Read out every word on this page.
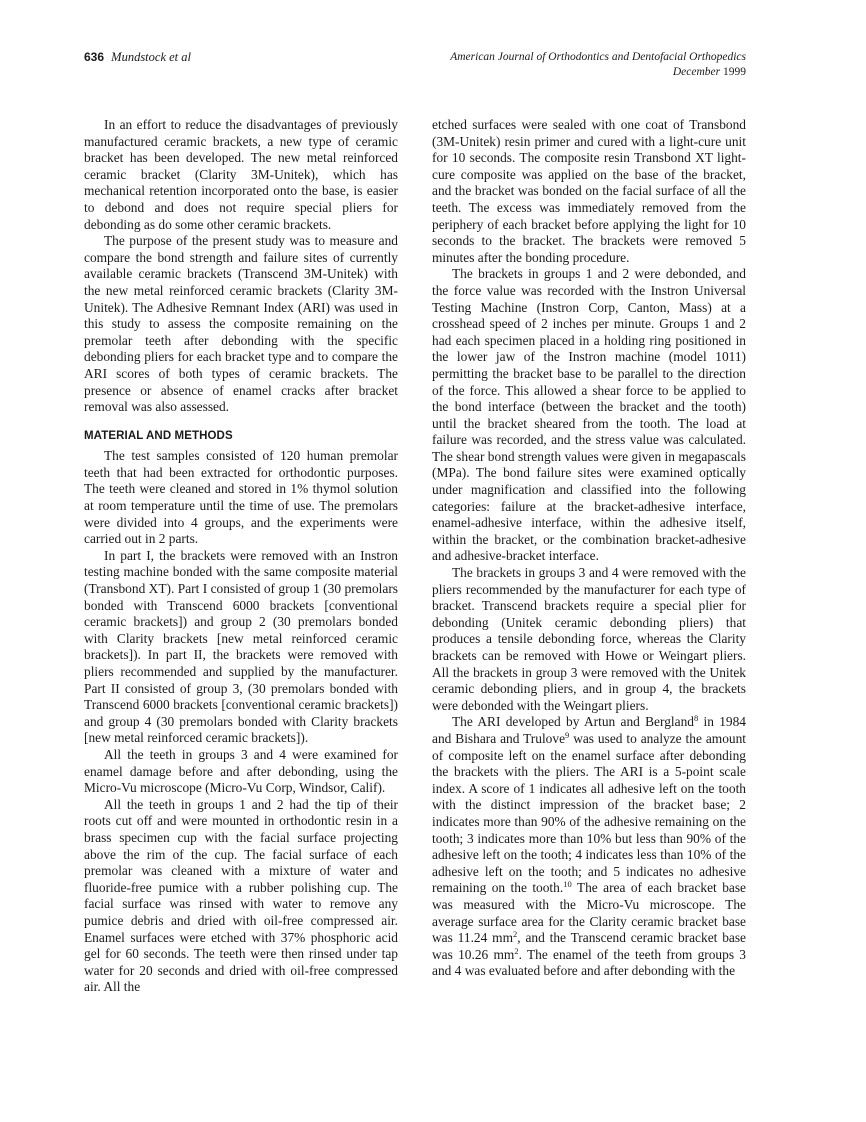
636 Mundstock et al	American Journal of Orthodontics and Dentofacial Orthopedics
December 1999

In an effort to reduce the disadvantages of previously manufactured ceramic brackets, a new type of ceramic bracket has been developed. The new metal reinforced ceramic bracket (Clarity 3M-Unitek), which has mechanical retention incorporated onto the base, is easier to debond and does not require special pliers for debonding as do some other ceramic brackets.

The purpose of the present study was to measure and compare the bond strength and failure sites of currently available ceramic brackets (Transcend 3M-Unitek) with the new metal reinforced ceramic brackets (Clarity 3M-Unitek). The Adhesive Remnant Index (ARI) was used in this study to assess the composite remaining on the premolar teeth after debonding with the specific debonding pliers for each bracket type and to compare the ARI scores of both types of ceramic brackets. The presence or absence of enamel cracks after bracket removal was also assessed.

MATERIAL AND METHODS

The test samples consisted of 120 human premolar teeth that had been extracted for orthodontic purposes. The teeth were cleaned and stored in 1% thymol solution at room temperature until the time of use. The premolars were divided into 4 groups, and the experiments were carried out in 2 parts.

In part I, the brackets were removed with an Instron testing machine bonded with the same composite material (Transbond XT). Part I consisted of group 1 (30 premolars bonded with Transcend 6000 brackets [conventional ceramic brackets]) and group 2 (30 premolars bonded with Clarity brackets [new metal reinforced ceramic brackets]). In part II, the brackets were removed with pliers recommended and supplied by the manufacturer. Part II consisted of group 3, (30 premolars bonded with Transcend 6000 brackets [conventional ceramic brackets]) and group 4 (30 premolars bonded with Clarity brackets [new metal reinforced ceramic brackets]).

All the teeth in groups 3 and 4 were examined for enamel damage before and after debonding, using the Micro-Vu microscope (Micro-Vu Corp, Windsor, Calif).

All the teeth in groups 1 and 2 had the tip of their roots cut off and were mounted in orthodontic resin in a brass specimen cup with the facial surface projecting above the rim of the cup. The facial surface of each premolar was cleaned with a mixture of water and fluoride-free pumice with a rubber polishing cup. The facial surface was rinsed with water to remove any pumice debris and dried with oil-free compressed air. Enamel surfaces were etched with 37% phosphoric acid gel for 60 seconds. The teeth were then rinsed under tap water for 20 seconds and dried with oil-free compressed air. All the

etched surfaces were sealed with one coat of Transbond (3M-Unitek) resin primer and cured with a light-cure unit for 10 seconds. The composite resin Transbond XT light-cure composite was applied on the base of the bracket, and the bracket was bonded on the facial surface of all the teeth. The excess was immediately removed from the periphery of each bracket before applying the light for 10 seconds to the bracket. The brackets were removed 5 minutes after the bonding procedure.

The brackets in groups 1 and 2 were debonded, and the force value was recorded with the Instron Universal Testing Machine (Instron Corp, Canton, Mass) at a crosshead speed of 2 inches per minute. Groups 1 and 2 had each specimen placed in a holding ring positioned in the lower jaw of the Instron machine (model 1011) permitting the bracket base to be parallel to the direction of the force. This allowed a shear force to be applied to the bond interface (between the bracket and the tooth) until the bracket sheared from the tooth. The load at failure was recorded, and the stress value was calculated. The shear bond strength values were given in megapascals (MPa). The bond failure sites were examined optically under magnification and classified into the following categories: failure at the bracket-adhesive interface, enamel-adhesive interface, within the adhesive itself, within the bracket, or the combination bracket-adhesive and adhesive-bracket interface.

The brackets in groups 3 and 4 were removed with the pliers recommended by the manufacturer for each type of bracket. Transcend brackets require a special plier for debonding (Unitek ceramic debonding pliers) that produces a tensile debonding force, whereas the Clarity brackets can be removed with Howe or Weingart pliers. All the brackets in group 3 were removed with the Unitek ceramic debonding pliers, and in group 4, the brackets were debonded with the Weingart pliers.

The ARI developed by Artun and Bergland$^8$ in 1984 and Bishara and Trulove$^9$ was used to analyze the amount of composite left on the enamel surface after debonding the brackets with the pliers. The ARI is a 5-point scale index. A score of 1 indicates all adhesive left on the tooth with the distinct impression of the bracket base; 2 indicates more than 90% of the adhesive remaining on the tooth; 3 indicates more than 10% but less than 90% of the adhesive left on the tooth; 4 indicates less than 10% of the adhesive left on the tooth; and 5 indicates no adhesive remaining on the tooth.$^{10}$ The area of each bracket base was measured with the Micro-Vu microscope. The average surface area for the Clarity ceramic bracket base was 11.24 $mm^2$, and the Transcend ceramic bracket base was 10.26 $mm^2$. The enamel of the teeth from groups 3 and 4 was evaluated before and after debonding with the
